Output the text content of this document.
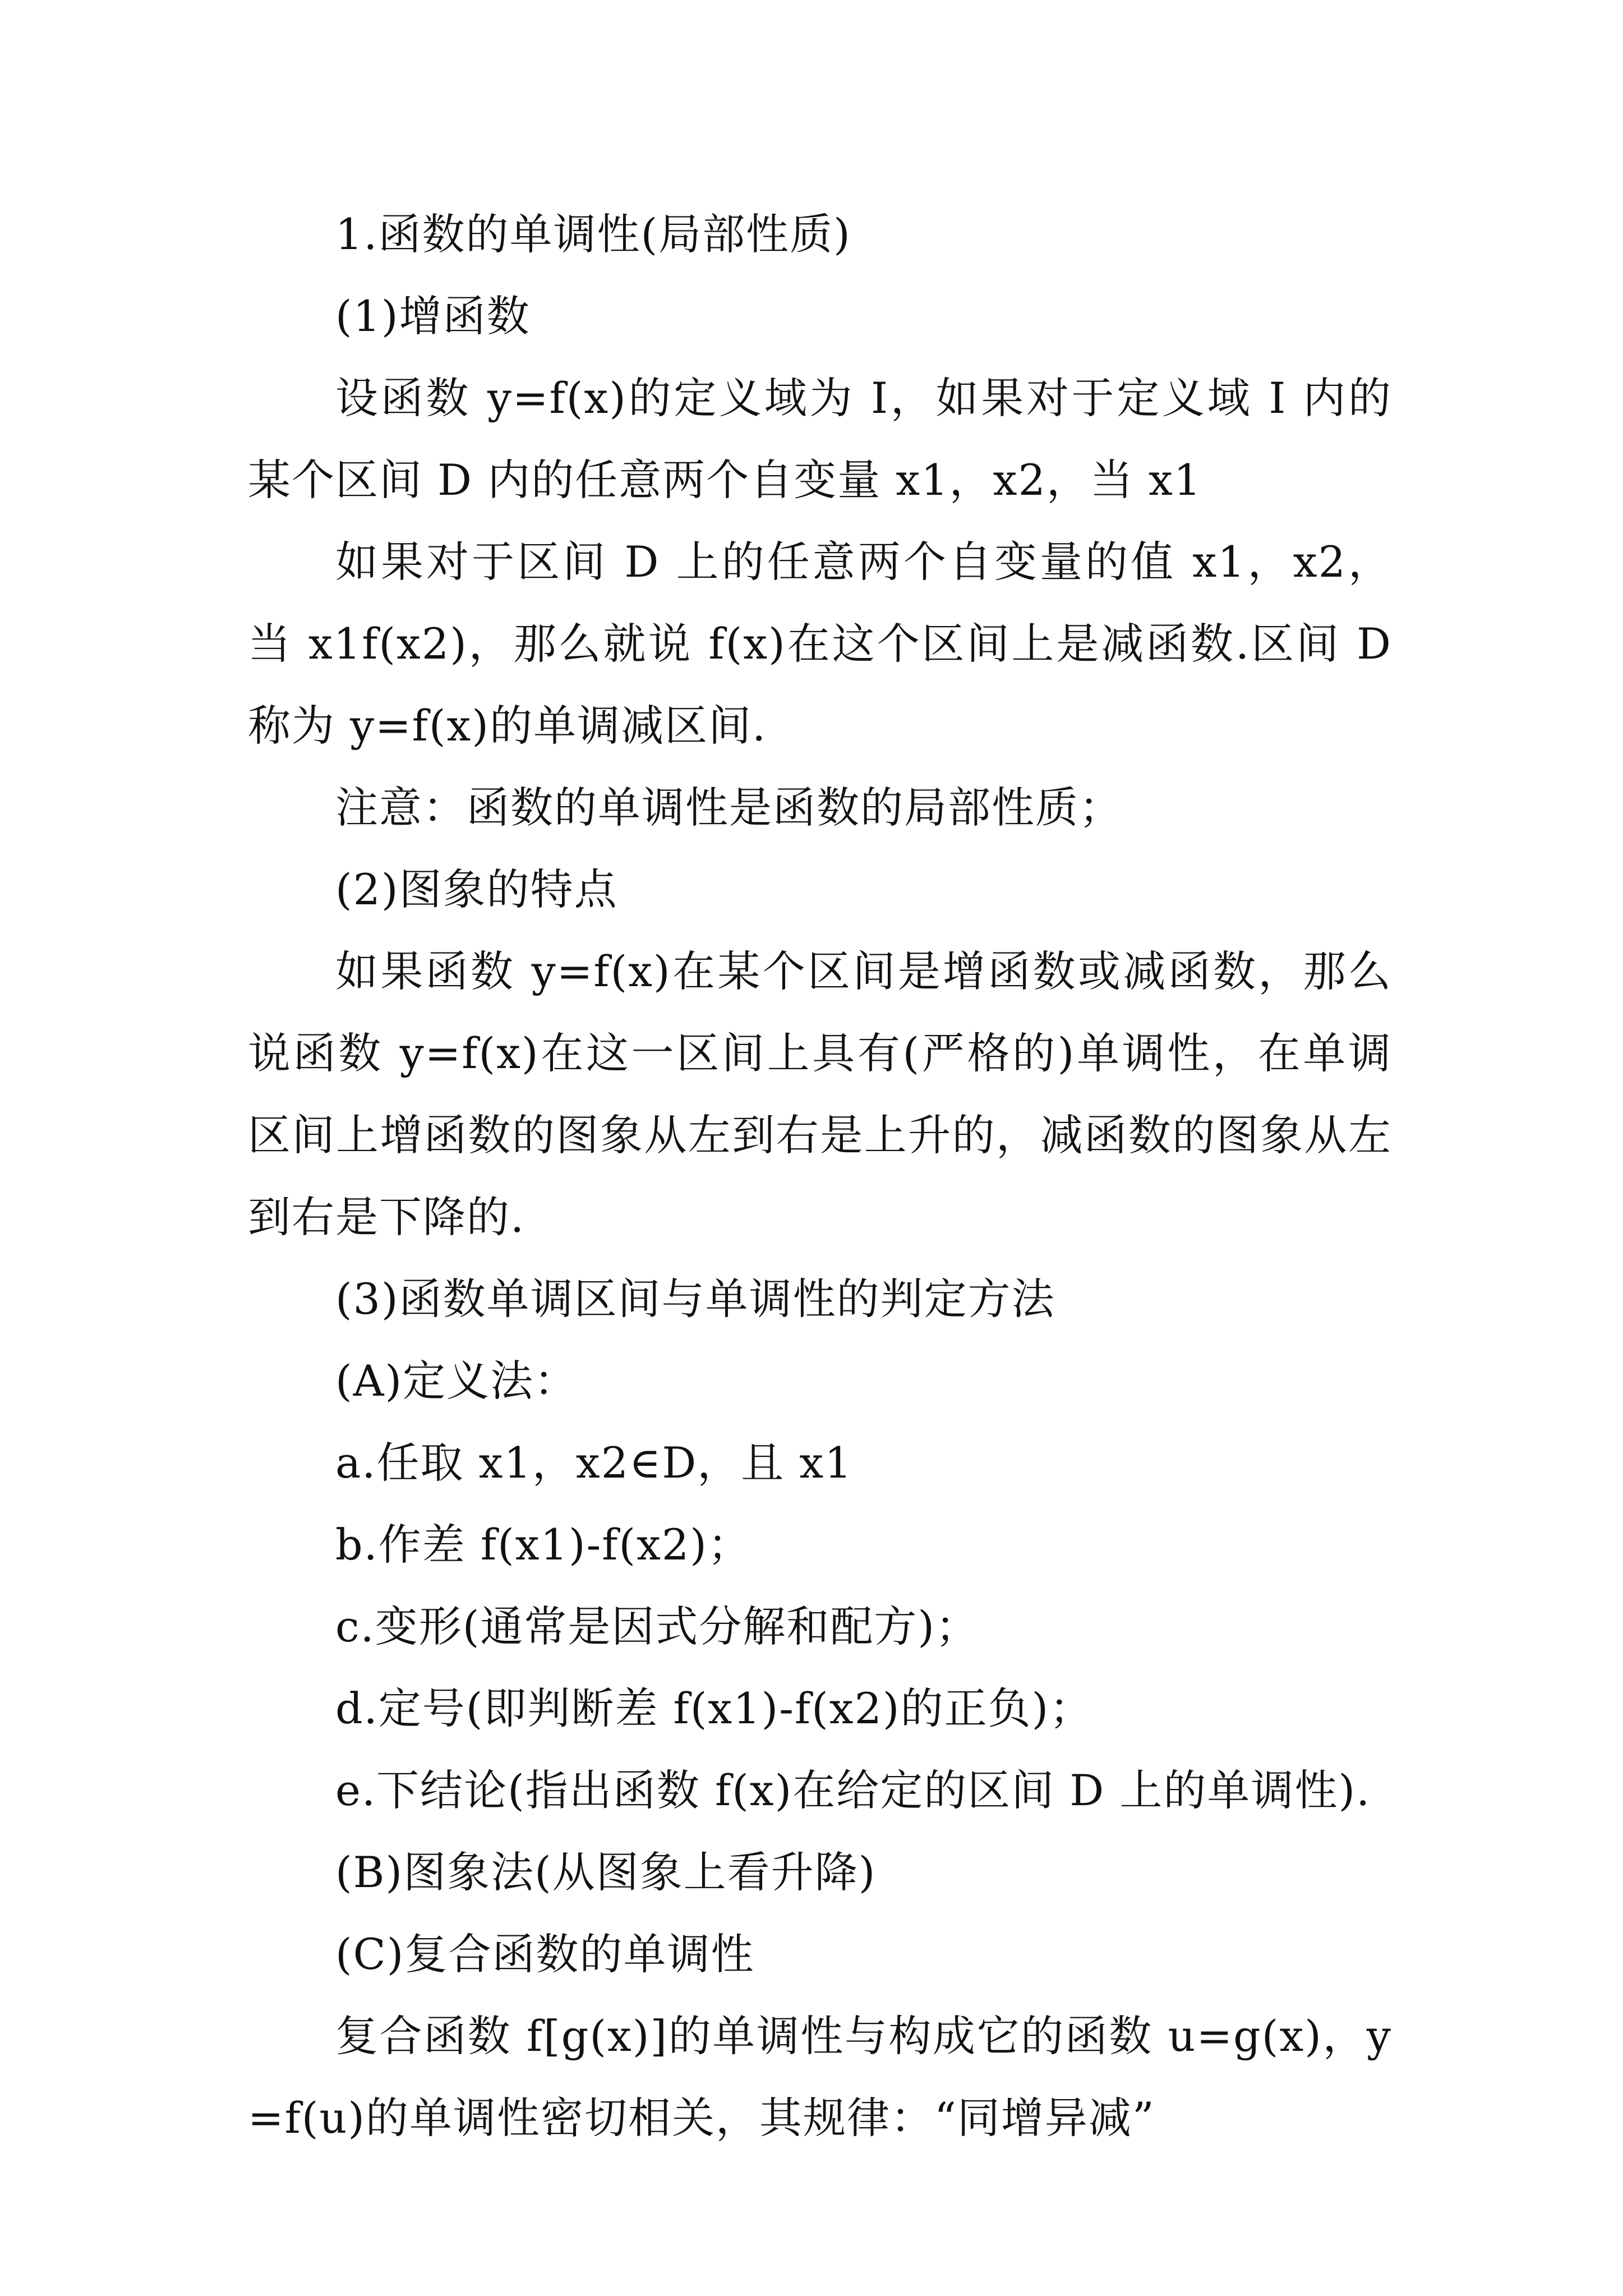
1.函数的单调性(局部性质)

(1)增函数

设函数 y=f(x)的定义域为 I，如果对于定义域 I 内的某个区间 D 内的任意两个自变量 x1，x2，当 x1

如果对于区间 D 上的任意两个自变量的值 x1，x2，当 x1f(x2)，那么就说 f(x)在这个区间上是减函数.区间 D 称为 y=f(x)的单调减区间.

注意：函数的单调性是函数的局部性质；

(2)图象的特点

如果函数 y=f(x)在某个区间是增函数或减函数，那么说函数 y=f(x)在这一区间上具有(严格的)单调性，在单调区间上增函数的图象从左到右是上升的，减函数的图象从左到右是下降的.

(3)函数单调区间与单调性的判定方法

(A)定义法：

a.任取 x1，x2∈D，且 x1

b.作差 f(x1)-f(x2)；

c.变形(通常是因式分解和配方)；

d.定号(即判断差 f(x1)-f(x2)的正负)；

e.下结论(指出函数 f(x)在给定的区间 D 上的单调性).

(B)图象法(从图象上看升降)

(C)复合函数的单调性

复合函数 f[g(x)]的单调性与构成它的函数 u=g(x)，y=f(u)的单调性密切相关，其规律：“同增异减”
